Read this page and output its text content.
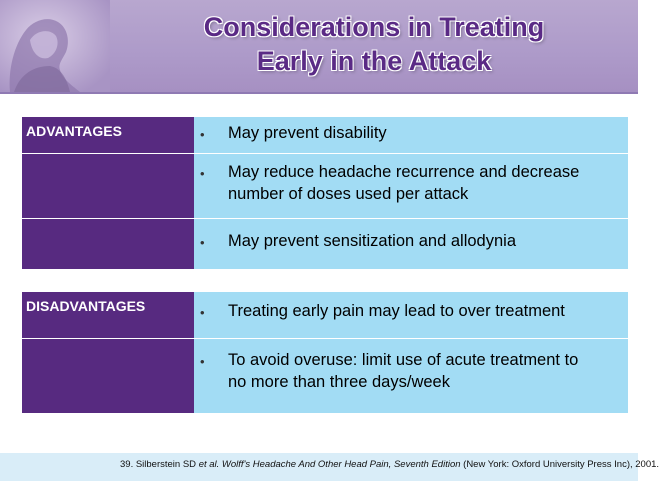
Considerations in Treating
Early in the Attack
ADVANTAGES	• May prevent disability
• May reduce headache recurrence and decrease
number of doses used per attack
• May prevent sensitization and allodynia
DISADVANTAGES	• Treating early pain may lead to over treatment
• To avoid overuse: limit use of acute treatment to
no more than three days/week
39. Silberstein SD et al. Wolff's Headache And Other Head Pain, Seventh Edition (New York: Oxford University Press Inc), 2001.
